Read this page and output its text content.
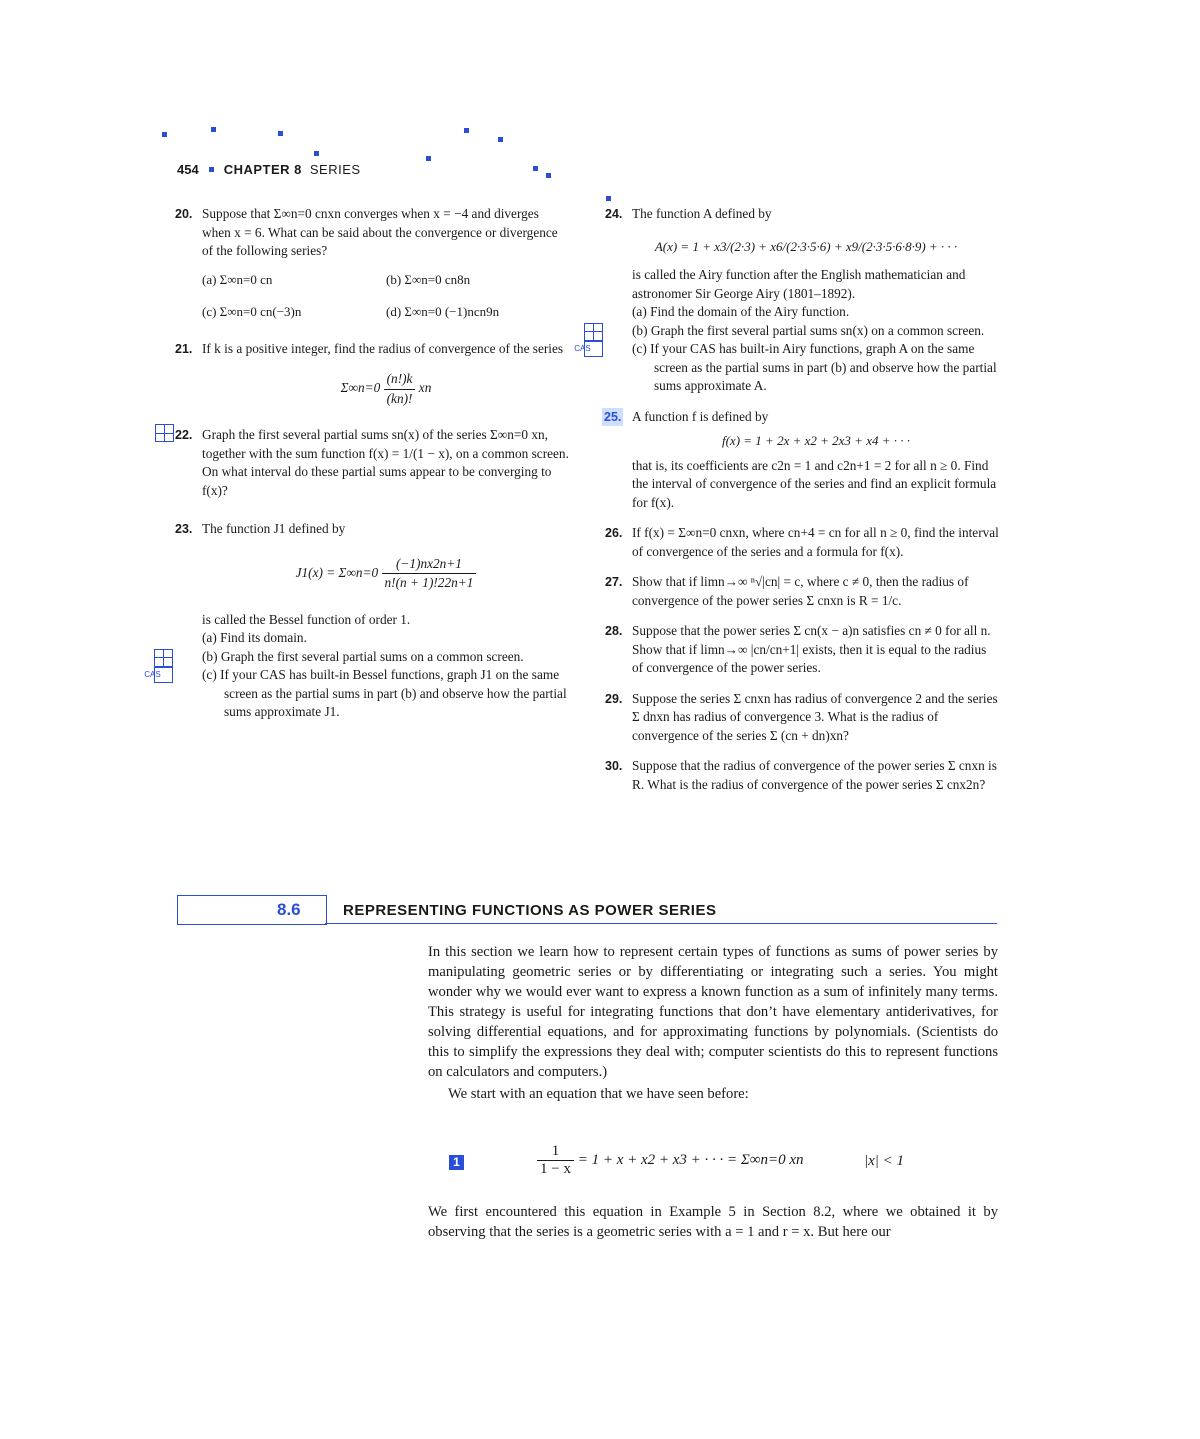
454 CHAPTER 8 SERIES
20. Suppose that Σ∞n=0 cnxn converges when x = −4 and diverges when x = 6. What can be said about the convergence or divergence of the following series?
(a) Σ∞n=0 cn	(b) Σ∞n=0 cn8n
(c) Σ∞n=0 cn(−3)n	(d) Σ∞n=0 (−1)ncn9n
21. If k is a positive integer, find the radius of convergence of the series
$\Sigma\infty n=0 \frac{(n!)k}{(kn)!}$ xn
22. Graph the first several partial sums sn(x) of the series Σ∞n=0 xn, together with the sum function f(x) = 1/(1 − x), on a common screen. On what interval do these partial sums appear to be converging to f(x)?
23. The function J1 defined by
$J1(x) = \Sigma\infty n=0 \frac{(-1)nx2n+1}{n!(n + 1)!22n+1}$
is called the Bessel function of order 1.
(a) Find its domain.
(b) Graph the first several partial sums on a common screen.
CAS	(c) If your CAS has built-in Bessel functions, graph J1 on the same screen as the partial sums in part (b) and observe how the partial sums approximate J1.
24. The function A defined by
A(x) = 1 + x3/(2·3) + x6/(2·3·5·6) + x9/(2·3·5·6·8·9) + · · ·
is called the Airy function after the English mathematician and astronomer Sir George Airy (1801–1892).
(a) Find the domain of the Airy function.
(b) Graph the first several partial sums sn(x) on a common screen.
CAS	(c) If your CAS has built-in Airy functions, graph A on the same screen as the partial sums in part (b) and observe how the partial sums approximate A.
25. A function f is defined by
f(x) = 1 + 2x + x2 + 2x3 + x4 + · · ·
that is, its coefficients are c2n = 1 and c2n+1 = 2 for all n ≥ 0. Find the interval of convergence of the series and find an explicit formula for f(x).
26. If f(x) = Σ∞n=0 cnxn, where cn+4 = cn for all n ≥ 0, find the interval of convergence of the series and a formula for f(x).
27. Show that if limn→∞ ⁿ√|cn| = c, where c ≠ 0, then the radius of convergence of the power series Σ cnxn is R = 1/c.
28. Suppose that the power series Σ cn(x − a)n satisfies cn ≠ 0 for all n. Show that if limn→∞ |cn/cn+1| exists, then it is equal to the radius of convergence of the power series.
29. Suppose the series Σ cnxn has radius of convergence 2 and the series Σ dnxn has radius of convergence 3. What is the radius of convergence of the series Σ (cn + dn)xn?
30. Suppose that the radius of convergence of the power series Σ cnxn is R. What is the radius of convergence of the power series Σ cnx2n?
8.6	REPRESENTING FUNCTIONS AS POWER SERIES

In this section we learn how to represent certain types of functions as sums of power series by manipulating geometric series or by differentiating or integrating such a series. You might wonder why we would ever want to express a known function as a sum of infinitely many terms. This strategy is useful for integrating functions that don’t have elementary antiderivatives, for solving differential equations, and for approximating functions by polynomials. (Scientists do this to simplify the expressions they deal with; computer scientists do this to represent functions on calculators and computers.)

We start with an equation that we have seen before:

1	$\frac{1}{1 - x} = 1 + x + x2 + x3$ + · · · = Σ∞n=0 xn	|x| < 1

We first encountered this equation in Example 5 in Section 8.2, where we obtained it by observing that the series is a geometric series with a = 1 and r = x. But here our
